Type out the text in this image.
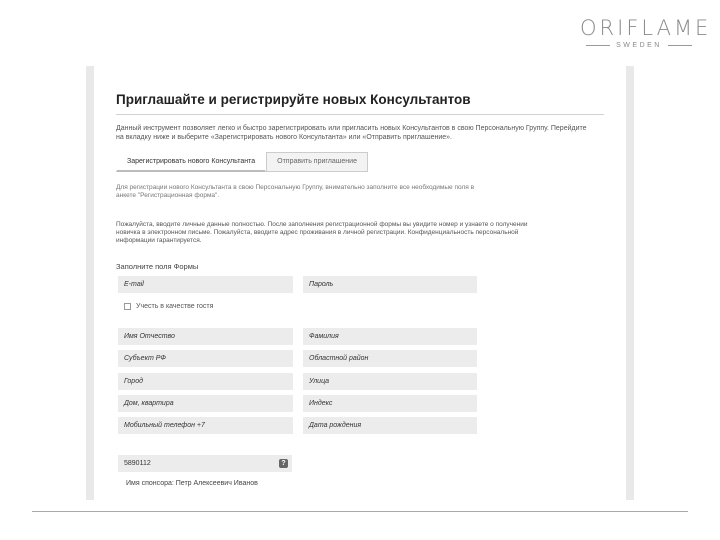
ORIFLAME
SWEDEN
Приглашайте и регистрируйте новых Консультантов
Данный инструмент позволяет легко и быстро зарегистрировать или пригласить новых Консультантов в свою Персональную Группу. Перейдите на вкладку ниже и выберите «Зарегистрировать нового Консультанта» или «Отправить приглашение».
Зарегистрировать нового Консультанта	Отправить приглашение
Для регистрации нового Консультанта в свою Персональную Группу, внимательно заполните все необходимые поля в анкете "Регистрационная форма".
Пожалуйста, вводите личные данные полностью. После заполнения регистрационной формы вы увидите номер и узнаете о получении новичка в электронном письме. Пожалуйста, вводите адрес проживания в личной регистрации. Конфиденциальность персональной информации гарантируется.
Заполните поля Формы
E-mail	Пароль
Учесть в качестве гостя
Имя Отчество	Фамилия
Субъект РФ	Областной район
Город	Улица
Дом, квартира	Индекс
Мобильный телефон +7	Дата рождения
5890112	?
Имя спонсора: Петр Алексеевич Иванов
